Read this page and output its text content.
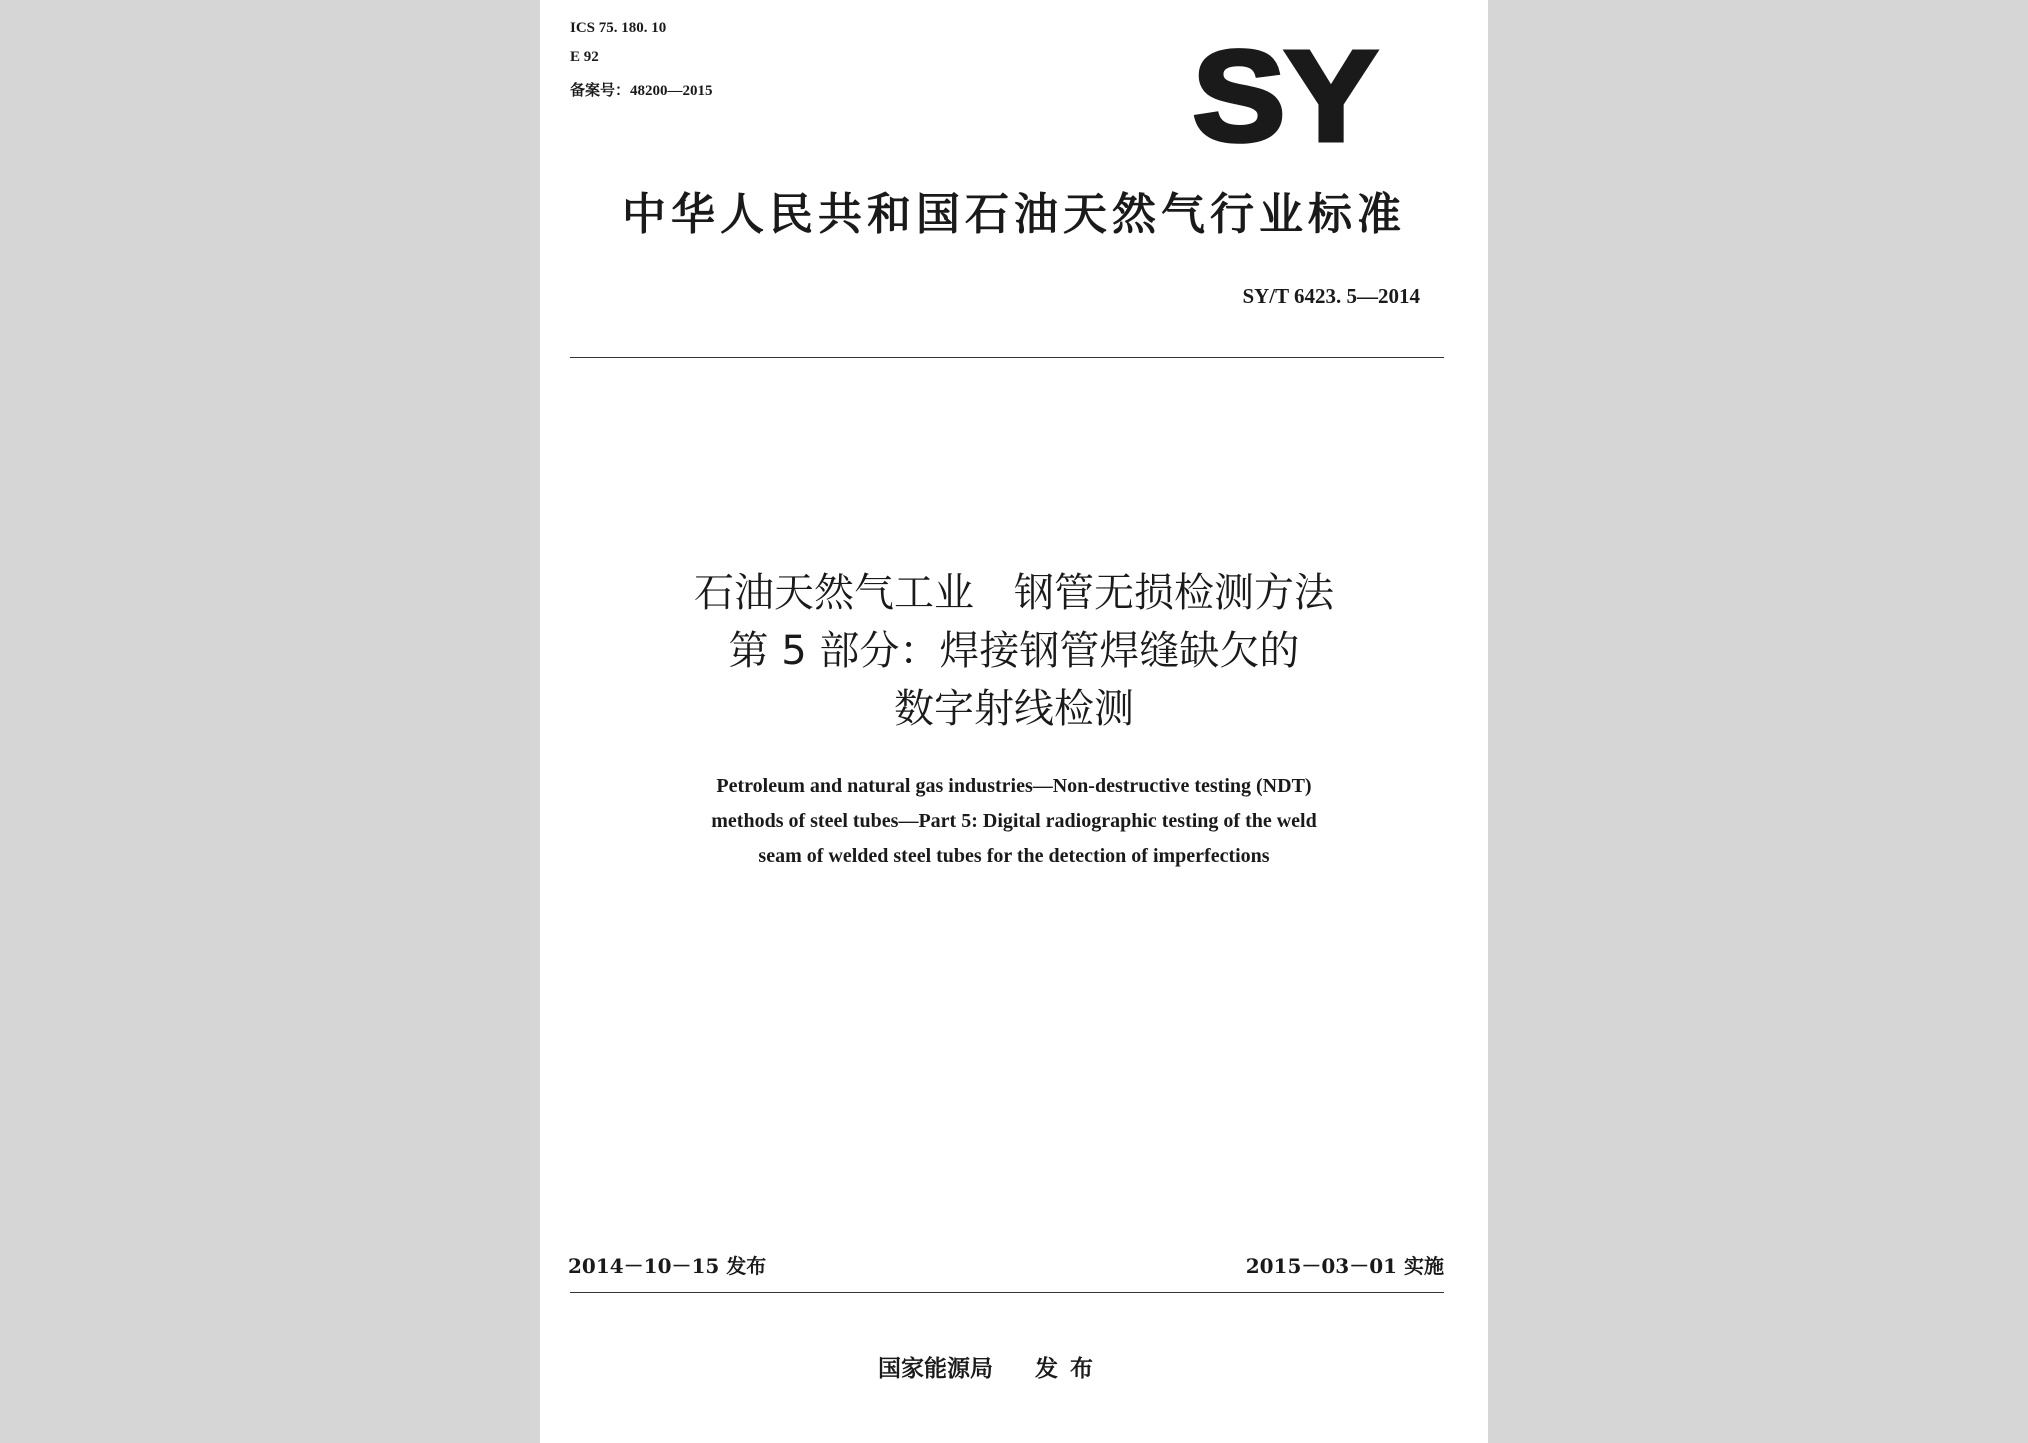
ICS 75. 180. 10
E 92
备案号：48200—2015	SY
中华人民共和国石油天然气行业标准
SY/T 6423. 5—2014
石油天然气工业　钢管无损检测方法
第 5 部分：焊接钢管焊缝缺欠的
数字射线检测
Petroleum and natural gas industries—Non-destructive testing (NDT)
methods of steel tubes—Part 5: Digital radiographic testing of the weld
seam of welded steel tubes for the detection of imperfections
2014－10－15 发布	2015－03－01 实施
国家能源局 发布
